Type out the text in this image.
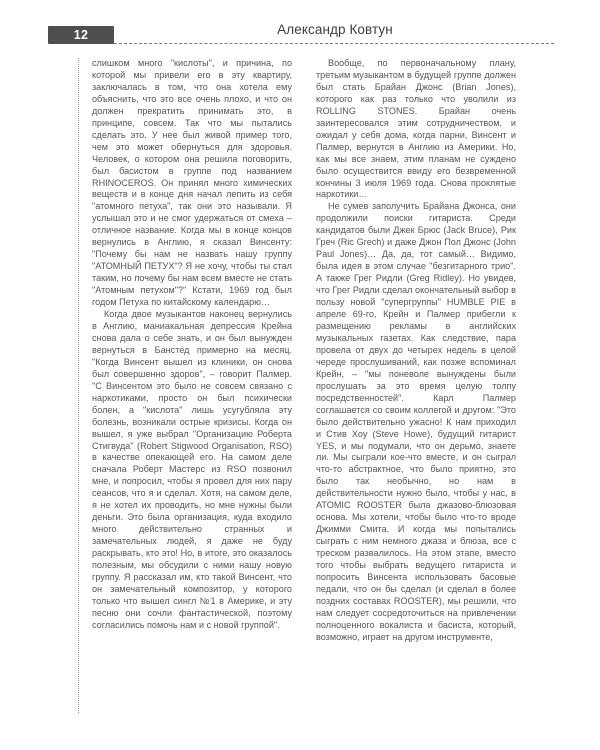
12	Александр Ковтун

слишком много "кислоты", и причина, по которой мы привели его в эту квартиру, заключалась в том, что она хотела ему объяснить, что это все очень плохо, и что он должен прекратить принимать это, в принципе, совсем. Так что мы пытались сделать это. У нее был живой пример того, чем это может обернуться для здоровья. Человек, о котором она решила поговорить, был басистом в группе под названием RHINOCEROS. Он принял много химических веществ и в конце дня начал лепить из себя "атомного петуха", так они это называли. Я услышал это и не смог удержаться от смеха – отличное название. Когда мы в конце концов вернулись в Англию, я сказал Винсенту: "Почему бы нам не назвать нашу группу "АТОМНЫЙ ПЕТУХ"? Я не хочу, чтобы ты стал таким, но почему бы нам всем вместе не стать "Атомным петухом"?" Кстати, 1969 год был годом Петуха по китайскому календарю…

Когда двое музыкантов наконец вернулись в Англию, маниакальная депрессия Крейна снова дала о себе знать, и он был вынужден вернуться в Банстед примерно на месяц. "Когда Винсент вышел из клиники, он снова был совершенно здоров", – говорит Палмер. "С Винсентом это было не совсем связано с наркотиками, просто он был психически болен, а "кислота" лишь усугубляла эту болезнь, возникали острые кризисы. Когда он вышел, я уже выбрал "Организацию Роберта Стигвуда" (Robert Stigwood Organisation, RSO) в качестве опекающей его. На самом деле сначала Роберт Мастерс из RSO позвонил мне, и попросил, чтобы я провел для них пару сеансов, что я и сделал. Хотя, на самом деле, я не хотел их проводить, но мне нужны были деньги. Это была организация, куда входило много действительно странных и замечательных людей, я даже не буду раскрывать, кто это! Но, в итоге, это оказалось полезным, мы обсудили с ними нашу новую группу. Я рассказал им, кто такой Винсент, что он замечательный композитор, у которого только что вышел сингл №1 в Америке, и эту песню они сочли фантастической, поэтому согласились помочь нам и с новой группой".

Вообще, по первоначальному плану, третьим музыкантом в будущей группе должен был стать Брайан Джонс (Brian Jones), которого как раз только что уволили из ROLLING STONES. Брайан очень заинтересовался этим сотрудничеством, и ожидал у себя дома, когда парни, Винсент и Палмер, вернутся в Англию из Америки. Но, как мы все знаем, этим планам не суждено было осуществится ввиду его безвременной кончины 3 июля 1969 года. Снова проклятые наркотики…

Не сумев заполучить Брайана Джонса, они продолжили поиски гитариста. Среди кандидатов были Джек Брюс (Jack Bruce), Рик Греч (Ric Grech) и даже Джон Пол Джонс (John Paul Jones)… Да, да, тот самый… Видимо, была идея в этом случае "безгитарного трио". А также Грег Ридли (Greg Ridley). Но увидев, что Грег Ридли сделал окончательный выбор в пользу новой "супергруппы" HUMBLE PIE в апреле 69-го, Крейн и Палмер прибегли к размещению рекламы в английских музыкальных газетах. Как следствие, пара провела от двух до четырех недель в целой череде прослушиваний, как позже вспоминал Крейн, – "мы поневоле вынуждены были прослушать за это время целую толпу посредственностей". Карл Палмер соглашается со своим коллегой и другом: "Это было действительно ужасно! К нам приходил и Стив Хоу (Steve Howe), будущий гитарист YES, и мы подумали, что он дерьмо, знаете ли. Мы сыграли кое-что вместе, и он сыграл что-то абстрактное, что было приятно, это было так необычно, но нам в действительности нужно было, чтобы у нас, в ATOMIC ROOSTER была джазово-блюзовая основа. Мы хотели, чтобы было что-то вроде Джимми Смита. И когда мы попытались сыграть с ним немного джаза и блюза, все с треском развалилось. На этом этапе, вместо того чтобы выбрать ведущего гитариста и попросить Винсента использовать басовые педали, что он бы сделал (и сделал в более поздних составах ROOSTER), мы решили, что нам следует сосредоточиться на привлечении полноценного вокалиста и басиста, который, возможно, играет на другом инструменте,
